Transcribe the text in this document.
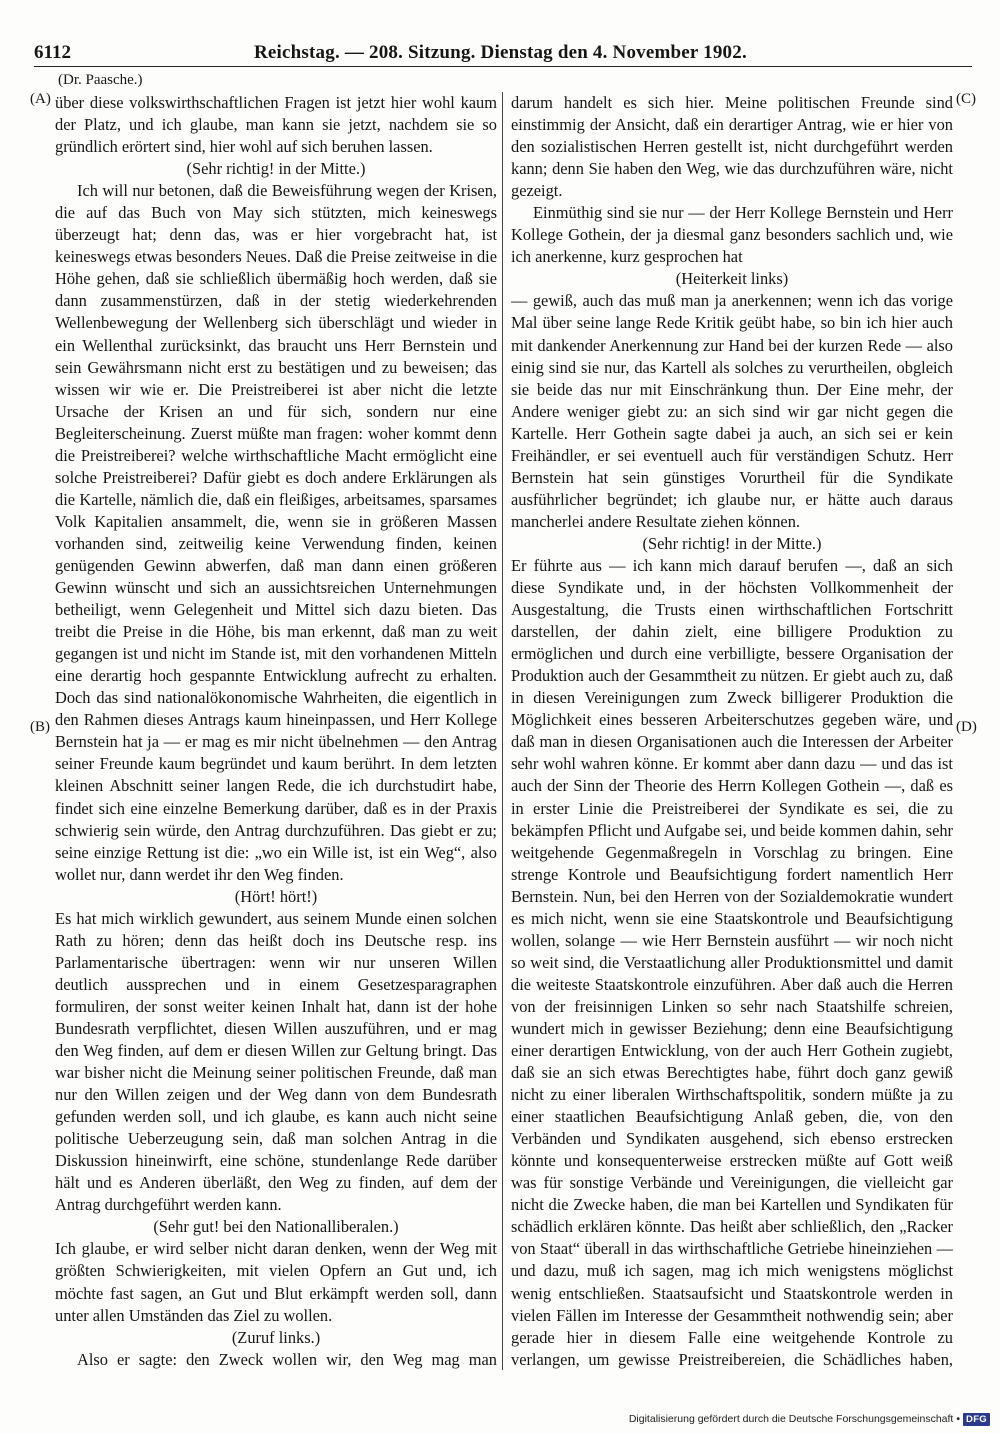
6112	Reichstag. — 208. Sitzung. Dienstag den 4. November 1902.
(Dr. Paasche.)
(A)
(B)
(C)
(D)

über diese volkswirthschaftlichen Fragen ist jetzt hier wohl kaum der Platz, und ich glaube, man kann sie jetzt, nachdem sie so gründlich erörtert sind, hier wohl auf sich beruhen lassen.

(Sehr richtig! in der Mitte.)

Ich will nur betonen, daß die Beweisführung wegen der Krisen, die auf das Buch von May sich stützten, mich keineswegs überzeugt hat; denn das, was er hier vorgebracht hat, ist keineswegs etwas besonders Neues. Daß die Preise zeitweise in die Höhe gehen, daß sie schließlich übermäßig hoch werden, daß sie dann zusammenstürzen, daß in der stetig wiederkehrenden Wellenbewegung der Wellenberg sich überschlägt und wieder in ein Wellenthal zurücksinkt, das braucht uns Herr Bernstein und sein Gewährsmann nicht erst zu bestätigen und zu beweisen; das wissen wir wie er. Die Preistreiberei ist aber nicht die letzte Ursache der Krisen an und für sich, sondern nur eine Begleiterscheinung. Zuerst müßte man fragen: woher kommt denn die Preistreiberei? welche wirthschaftliche Macht ermöglicht eine solche Preistreiberei? Dafür giebt es doch andere Erklärungen als die Kartelle, nämlich die, daß ein fleißiges, arbeitsames, sparsames Volk Kapitalien ansammelt, die, wenn sie in größeren Massen vorhanden sind, zeitweilig keine Verwendung finden, keinen genügenden Gewinn abwerfen, daß man dann einen größeren Gewinn wünscht und sich an aussichtsreichen Unternehmungen betheiligt, wenn Gelegenheit und Mittel sich dazu bieten. Das treibt die Preise in die Höhe, bis man erkennt, daß man zu weit gegangen ist und nicht im Stande ist, mit den vorhandenen Mitteln eine derartig hoch gespannte Entwicklung aufrecht zu erhalten. Doch das sind nationalökonomische Wahrheiten, die eigentlich in den Rahmen dieses Antrags kaum hineinpassen, und Herr Kollege Bernstein hat ja — er mag es mir nicht übelnehmen — den Antrag seiner Freunde kaum begründet und kaum berührt. In dem letzten kleinen Abschnitt seiner langen Rede, die ich durchstudirt habe, findet sich eine einzelne Bemerkung darüber, daß es in der Praxis schwierig sein würde, den Antrag durchzuführen. Das giebt er zu; seine einzige Rettung ist die: „wo ein Wille ist, ist ein Weg“, also wollet nur, dann werdet ihr den Weg finden.

(Hört! hört!)

Es hat mich wirklich gewundert, aus seinem Munde einen solchen Rath zu hören; denn das heißt doch ins Deutsche resp. ins Parlamentarische übertragen: wenn wir nur unseren Willen deutlich aussprechen und in einem Gesetzesparagraphen formuliren, der sonst weiter keinen Inhalt hat, dann ist der hohe Bundesrath verpflichtet, diesen Willen auszuführen, und er mag den Weg finden, auf dem er diesen Willen zur Geltung bringt. Das war bisher nicht die Meinung seiner politischen Freunde, daß man nur den Willen zeigen und der Weg dann von dem Bundesrath gefunden werden soll, und ich glaube, es kann auch nicht seine politische Ueberzeugung sein, daß man solchen Antrag in die Diskussion hineinwirft, eine schöne, stundenlange Rede darüber hält und es Anderen überläßt, den Weg zu finden, auf dem der Antrag durchgeführt werden kann.

(Sehr gut! bei den Nationalliberalen.)

Ich glaube, er wird selber nicht daran denken, wenn der Weg mit größten Schwierigkeiten, mit vielen Opfern an Gut und, ich möchte fast sagen, an Gut und Blut erkämpft werden soll, dann unter allen Umständen das Ziel zu wollen.

(Zuruf links.)

Also er sagte: den Zweck wollen wir, den Weg mag man

darum handelt es sich hier. Meine politischen Freunde sind einstimmig der Ansicht, daß ein derartiger Antrag, wie er hier von den sozialistischen Herren gestellt ist, nicht durchgeführt werden kann; denn Sie haben den Weg, wie das durchzuführen wäre, nicht gezeigt.

Einmüthig sind sie nur — der Herr Kollege Bernstein und Herr Kollege Gothein, der ja diesmal ganz besonders sachlich und, wie ich anerkenne, kurz gesprochen hat

(Heiterkeit links)

— gewiß, auch das muß man ja anerkennen; wenn ich das vorige Mal über seine lange Rede Kritik geübt habe, so bin ich hier auch mit dankender Anerkennung zur Hand bei der kurzen Rede — also einig sind sie nur, das Kartell als solches zu verurtheilen, obgleich sie beide das nur mit Einschränkung thun. Der Eine mehr, der Andere weniger giebt zu: an sich sind wir gar nicht gegen die Kartelle. Herr Gothein sagte dabei ja auch, an sich sei er kein Freihändler, er sei eventuell auch für verständigen Schutz. Herr Bernstein hat sein günstiges Vorurtheil für die Syndikate ausführlicher begründet; ich glaube nur, er hätte auch daraus mancherlei andere Resultate ziehen können.

(Sehr richtig! in der Mitte.)

Er führte aus — ich kann mich darauf berufen —, daß an sich diese Syndikate und, in der höchsten Vollkommenheit der Ausgestaltung, die Trusts einen wirthschaftlichen Fortschritt darstellen, der dahin zielt, eine billigere Produktion zu ermöglichen und durch eine verbilligte, bessere Organisation der Produktion auch der Gesammtheit zu nützen. Er giebt auch zu, daß in diesen Vereinigungen zum Zweck billigerer Produktion die Möglichkeit eines besseren Arbeiterschutzes gegeben wäre, und daß man in diesen Organisationen auch die Interessen der Arbeiter sehr wohl wahren könne. Er kommt aber dann dazu — und das ist auch der Sinn der Theorie des Herrn Kollegen Gothein —, daß es in erster Linie die Preistreiberei der Syndikate es sei, die zu bekämpfen Pflicht und Aufgabe sei, und beide kommen dahin, sehr weitgehende Gegenmaßregeln in Vorschlag zu bringen. Eine strenge Kontrole und Beaufsichtigung fordert namentlich Herr Bernstein. Nun, bei den Herren von der Sozialdemokratie wundert es mich nicht, wenn sie eine Staatskontrole und Beaufsichtigung wollen, solange — wie Herr Bernstein ausführt — wir noch nicht so weit sind, die Verstaatlichung aller Produktionsmittel und damit die weiteste Staatskontrole einzuführen. Aber daß auch die Herren von der freisinnigen Linken so sehr nach Staatshilfe schreien, wundert mich in gewisser Beziehung; denn eine Beaufsichtigung einer derartigen Entwicklung, von der auch Herr Gothein zugiebt, daß sie an sich etwas Berechtigtes habe, führt doch ganz gewiß nicht zu einer liberalen Wirthschaftspolitik, sondern müßte ja zu einer staatlichen Beaufsichtigung Anlaß geben, die, von den Verbänden und Syndikaten ausgehend, sich ebenso erstrecken könnte und konsequenterweise erstrecken müßte auf Gott weiß was für sonstige Verbände und Vereinigungen, die vielleicht gar nicht die Zwecke haben, die man bei Kartellen und Syndikaten für schädlich erklären könnte. Das heißt aber schließlich, den „Racker von Staat“ überall in das wirthschaftliche Getriebe hineinziehen — und dazu, muß ich sagen, mag ich mich wenigstens möglichst wenig entschließen. Staatsaufsicht und Staatskontrole werden in vielen Fällen im Interesse der Gesammtheit nothwendig sein; aber gerade hier in diesem Falle eine weitgehende Kontrole zu verlangen, um gewisse Preistreibereien, die Schädliches haben,

Digitalisierung gefördert durch die Deutsche Forschungsgemeinschaft • DFG
